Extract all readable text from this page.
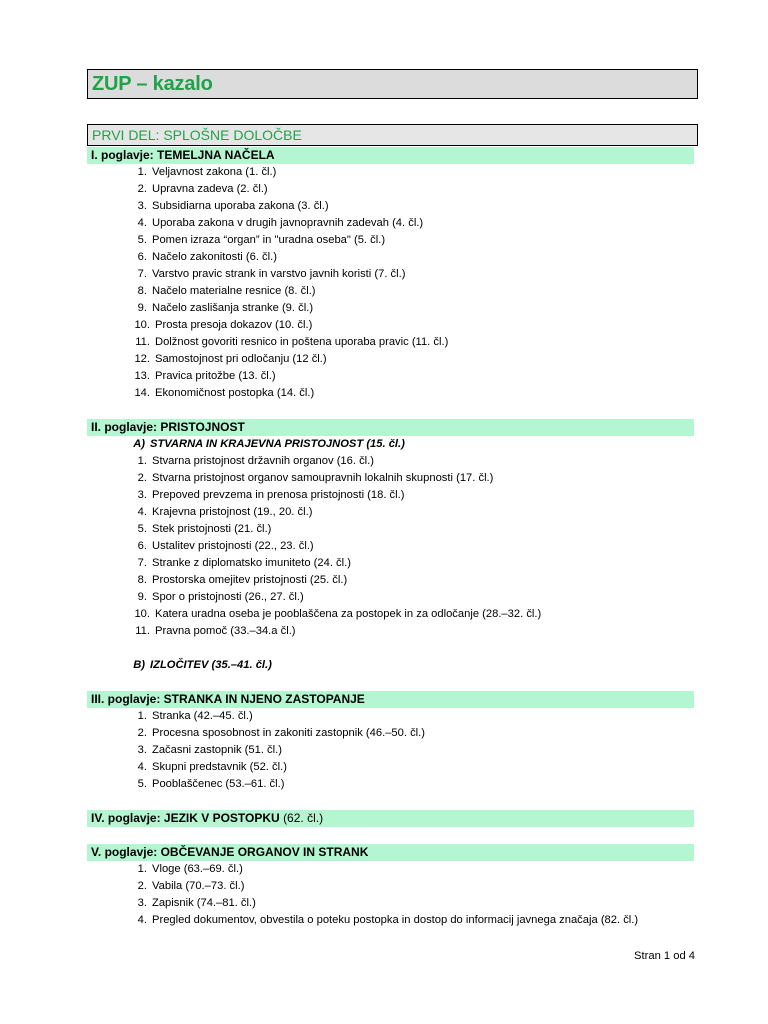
ZUP – kazalo
PRVI DEL: SPLOŠNE DOLOČBE
I. poglavje: TEMELJNA NAČELA
1. Veljavnost zakona (1. čl.)
2. Upravna zadeva (2. čl.)
3. Subsidiarna uporaba zakona (3. čl.)
4. Uporaba zakona v drugih javnopravnih zadevah (4. čl.)
5. Pomen izraza “organ” in "uradna oseba" (5. čl.)
6. Načelo zakonitosti (6. čl.)
7. Varstvo pravic strank in varstvo javnih koristi (7. čl.)
8. Načelo materialne resnice (8. čl.)
9. Načelo zaslišanja stranke (9. čl.)
10. Prosta presoja dokazov (10. čl.)
11. Dolžnost govoriti resnico in poštena uporaba pravic (11. čl.)
12. Samostojnost pri odločanju (12 čl.)
13. Pravica pritožbe (13. čl.)
14. Ekonomičnost postopka (14. čl.)
II. poglavje: PRISTOJNOST
A) STVARNA IN KRAJEVNA PRISTOJNOST (15. čl.)
1. Stvarna pristojnost državnih organov (16. čl.)
2. Stvarna pristojnost organov samoupravnih lokalnih skupnosti (17. čl.)
3. Prepoved prevzema in prenosa pristojnosti (18. čl.)
4. Krajevna pristojnost (19., 20. čl.)
5. Stek pristojnosti (21. čl.)
6. Ustalitev pristojnosti (22., 23. čl.)
7. Stranke z diplomatsko imuniteto (24. čl.)
8. Prostorska omejitev pristojnosti (25. čl.)
9. Spor o pristojnosti (26., 27. čl.)
10. Katera uradna oseba je pooblaščena za postopek in za odločanje (28.–32. čl.)
11. Pravna pomoč (33.–34.a čl.)
B) IZLOČITEV (35.–41. čl.)
III. poglavje: STRANKA IN NJENO ZASTOPANJE
1. Stranka (42.–45. čl.)
2. Procesna sposobnost in zakoniti zastopnik (46.–50. čl.)
3. Začasni zastopnik (51. čl.)
4. Skupni predstavnik (52. čl.)
5. Pooblaščenec (53.–61. čl.)
IV. poglavje: JEZIK V POSTOPKU (62. čl.)
V. poglavje: OBČEVANJE ORGANOV IN STRANK
1. Vloge (63.–69. čl.)
2. Vabila (70.–73. čl.)
3. Zapisnik (74.–81. čl.)
4. Pregled dokumentov, obvestila o poteku postopka in dostop do informacij javnega značaja (82. čl.)
Stran 1 od 4
